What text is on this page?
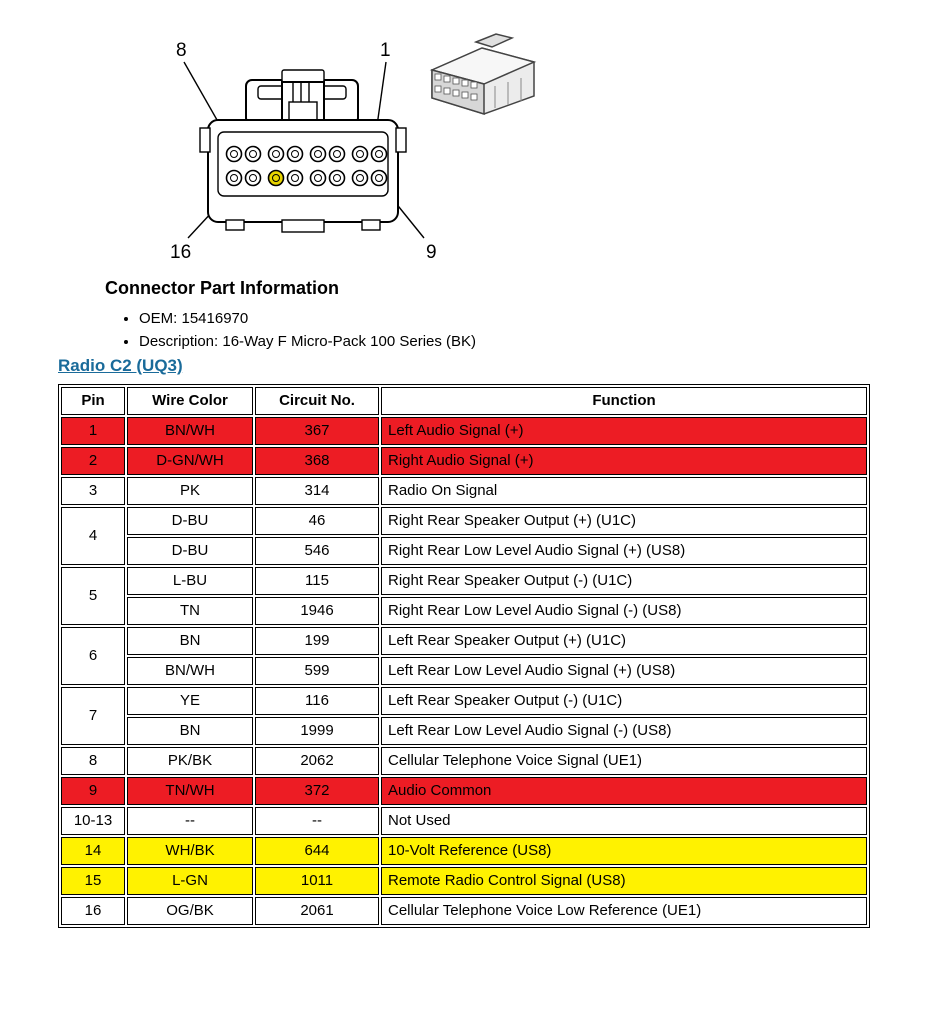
8	1
16	9
Connector Part Information
• OEM: 15416970
• Description: 16-Way F Micro-Pack 100 Series (BK)
Radio C2 (UQ3)
Pin	Wire Color	Circuit No.	Function
1	BN/WH	367	Left Audio Signal (+)
2	D-GN/WH	368	Right Audio Signal (+)
3	PK	314	Radio On Signal
4	D-BU	46	Right Rear Speaker Output (+) (U1C)
	D-BU	546	Right Rear Low Level Audio Signal (+) (US8)
5	L-BU	115	Right Rear Speaker Output (-) (U1C)
	TN	1946	Right Rear Low Level Audio Signal (-) (US8)
6	BN	199	Left Rear Speaker Output (+) (U1C)
	BN/WH	599	Left Rear Low Level Audio Signal (+) (US8)
7	YE	116	Left Rear Speaker Output (-) (U1C)
	BN	1999	Left Rear Low Level Audio Signal (-) (US8)
8	PK/BK	2062	Cellular Telephone Voice Signal (UE1)
9	TN/WH	372	Audio Common
10-13	--	--	Not Used
14	WH/BK	644	10-Volt Reference (US8)
15	L-GN	1011	Remote Radio Control Signal (US8)
16	OG/BK	2061	Cellular Telephone Voice Low Reference (UE1)
